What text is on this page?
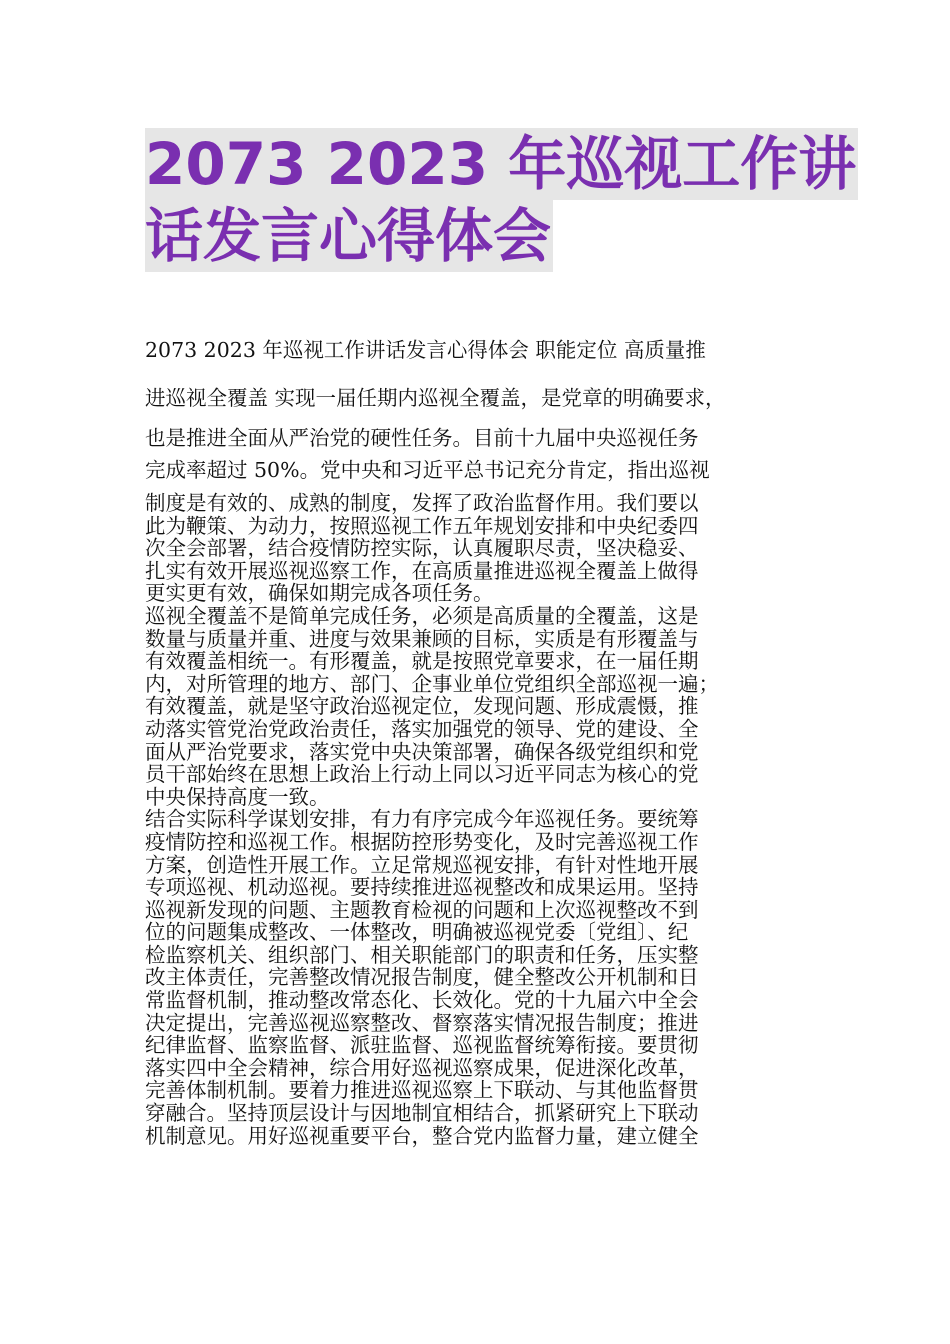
2073 2023 年巡视工作讲
话发言心得体会
2073 2023 年巡视工作讲话发言心得体会 职能定位 高质量推
进巡视全覆盖 实现一届任期内巡视全覆盖，是党章的明确要求，
也是推进全面从严治党的硬性任务。目前十九届中央巡视任务
完成率超过 50%。党中央和习近平总书记充分肯定，指出巡视
制度是有效的、成熟的制度，发挥了政治监督作用。我们要以
此为鞭策、为动力，按照巡视工作五年规划安排和中央纪委四
次全会部署，结合疫情防控实际，认真履职尽责，坚决稳妥、
扎实有效开展巡视巡察工作，在高质量推进巡视全覆盖上做得
更实更有效，确保如期完成各项任务。
巡视全覆盖不是简单完成任务，必须是高质量的全覆盖，这是
数量与质量并重、进度与效果兼顾的目标，实质是有形覆盖与
有效覆盖相统一。有形覆盖，就是按照党章要求，在一届任期
内，对所管理的地方、部门、企事业单位党组织全部巡视一遍；
有效覆盖，就是坚守政治巡视定位，发现问题、形成震慑，推
动落实管党治党政治责任，落实加强党的领导、党的建设、全
面从严治党要求，落实党中央决策部署，确保各级党组织和党
员干部始终在思想上政治上行动上同以习近平同志为核心的党
中央保持高度一致。
结合实际科学谋划安排，有力有序完成今年巡视任务。要统筹
疫情防控和巡视工作。根据防控形势变化，及时完善巡视工作
方案，创造性开展工作。立足常规巡视安排，有针对性地开展
专项巡视、机动巡视。要持续推进巡视整改和成果运用。坚持
巡视新发现的问题、主题教育检视的问题和上次巡视整改不到
位的问题集成整改、一体整改，明确被巡视党委〔党组〕、纪
检监察机关、组织部门、相关职能部门的职责和任务，压实整
改主体责任，完善整改情况报告制度，健全整改公开机制和日
常监督机制，推动整改常态化、长效化。党的十九届六中全会
决定提出，完善巡视巡察整改、督察落实情况报告制度；推进
纪律监督、监察监督、派驻监督、巡视监督统筹衔接。要贯彻
落实四中全会精神，综合用好巡视巡察成果，促进深化改革，
完善体制机制。要着力推进巡视巡察上下联动、与其他监督贯
穿融合。坚持顶层设计与因地制宜相结合，抓紧研究上下联动
机制意见。用好巡视重要平台，整合党内监督力量，建立健全
